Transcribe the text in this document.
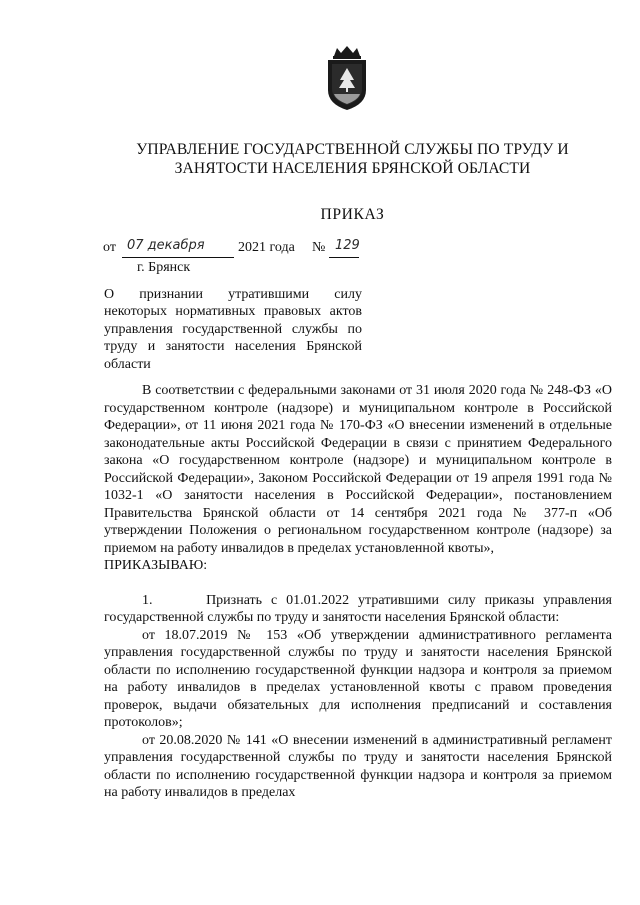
УПРАВЛЕНИЕ ГОСУДАРСТВЕННОЙ СЛУЖБЫ ПО ТРУДУ И
ЗАНЯТОСТИ НАСЕЛЕНИЯ БРЯНСКОЙ ОБЛАСТИ
ПРИКАЗ
от 07 декабря 2021 года № 129
г. Брянск
О признании утратившими силу некоторых нормативных правовых актов управления государственной службы по труду и занятости населения Брянской области

В соответствии с федеральными законами от 31 июля 2020 года № 248-ФЗ «О государственном контроле (надзоре) и муниципальном контроле в Российской Федерации», от 11 июня 2021 года № 170-ФЗ «О внесении изменений в отдельные законодательные акты Российской Федерации в связи с принятием Федерального закона «О государственном контроле (надзоре) и муниципальном контроле в Российской Федерации», Законом Российской Федерации от 19 апреля 1991 года № 1032-1 «О занятости населения в Российской Федерации», постановлением Правительства Брянской области от 14 сентября 2021 года № 377-п «Об утверждении Положения о региональном государственном контроле (надзоре) за приемом на работу инвалидов в пределах установленной квоты»,

ПРИКАЗЫВАЮ:

1.      Признать с 01.01.2022 утратившими силу приказы управления государственной службы по труду и занятости населения Брянской области:

от 18.07.2019 № 153 «Об утверждении административного регламента управления государственной службы по труду и занятости населения Брянской области по исполнению государственной функции надзора и контроля за приемом на работу инвалидов в пределах установленной квоты с правом проведения проверок, выдачи обязательных для исполнения предписаний и составления протоколов»;

от 20.08.2020 № 141 «О внесении изменений в административный регламент управления государственной службы по труду и занятости населения Брянской области по исполнению государственной функции надзора и контроля за приемом на работу инвалидов в пределах
